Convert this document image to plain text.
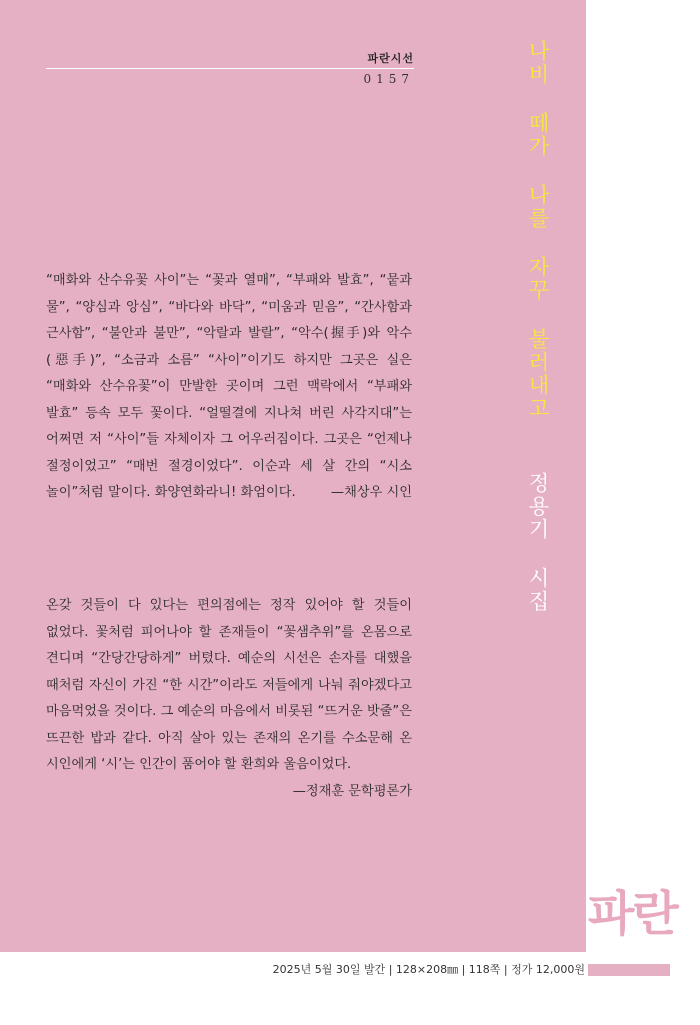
파란시선
0157

“매화와 산수유꽃 사이”는 “꽃과 열매”, “부패와 발효”, “뭍과 물”, “양심과 앙심”, “바다와 바닥”, “미움과 믿음”, “간사함과 근사함”, “불안과 불만”, “악랄과 발랄”, “악수(握手)와 악수(惡手)”, “소금과 소름” “사이”이기도 하지만 그곳은 실은 “매화와 산수유꽃”이 만발한 곳이며 그런 맥락에서 “부패와 발효” 등속 모두 꽃이다. “얼떨결에 지나쳐 버린 사각지대”는 어쩌면 저 “사이”들 자체이자 그 어우러짐이다. 그곳은 “언제나 절정이었고” “매번 절경이었다”. 이순과 세 살 간의 “시소 놀이”처럼 말이다. 화양연화라니! 화엄이다.	—채상우 시인

온갖 것들이 다 있다는 편의점에는 정작 있어야 할 것들이 없었다. 꽃처럼 피어나야 할 존재들이 “꽃샘추위”를 온몸으로 견디며 “간당간당하게” 버텼다. 예순의 시선은 손자를 대했을 때처럼 자신이 가진 “한 시간”이라도 저들에게 나눠 줘야겠다고 마음먹었을 것이다. 그 예순의 마음에서 비롯된 “뜨거운 밧줄”은 뜨끈한 밥과 같다. 아직 살아 있는 존재의 온기를 수소문해 온 시인에게 ‘시’는 인간이 품어야 할 환희와 울음이었다.
—정재훈 문학평론가

나비 떼가 나를 자꾸 불러내고 정용기 시집
파란
2025년 5월 30일 발간 | 128×208㎜ | 118쪽 | 정가 12,000원
